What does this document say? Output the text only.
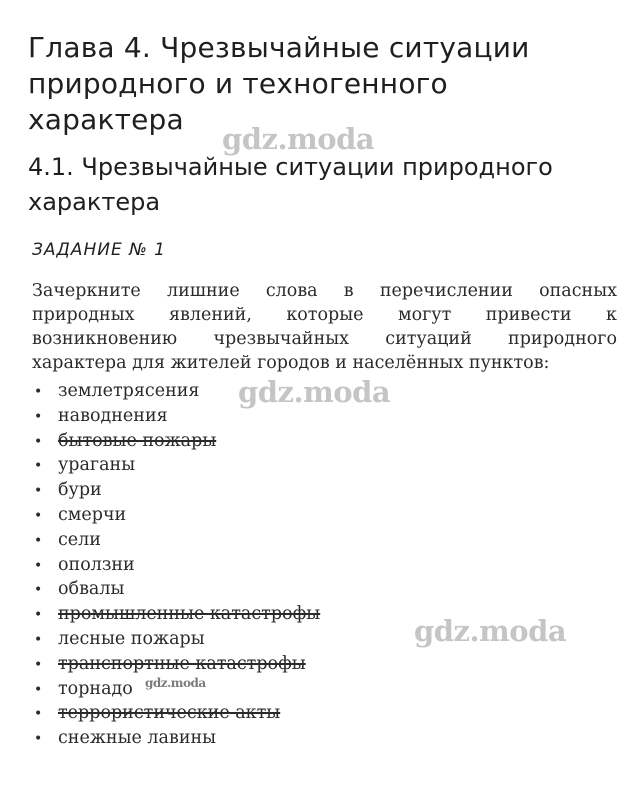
Глава 4. Чрезвычайные ситуации природного и техногенного характера
4.1. Чрезвычайные ситуации природного характера
ЗАДАНИЕ № 1

Зачеркните лишние слова в перечислении опасных природных явлений, которые могут привести к возникновению чрезвычайных ситуаций природного характера для жителей городов и населённых пунктов:

• землетрясения
• наводнения
• бытовые пожары
• ураганы
• бури
• смерчи
• сели
• оползни
• обвалы
• промышленные катастрофы
• лесные пожары
• транспортные катастрофы
• торнадо
• террористические акты
• снежные лавины
gdz.moda
gdz.moda
gdz.moda
gdz.moda
